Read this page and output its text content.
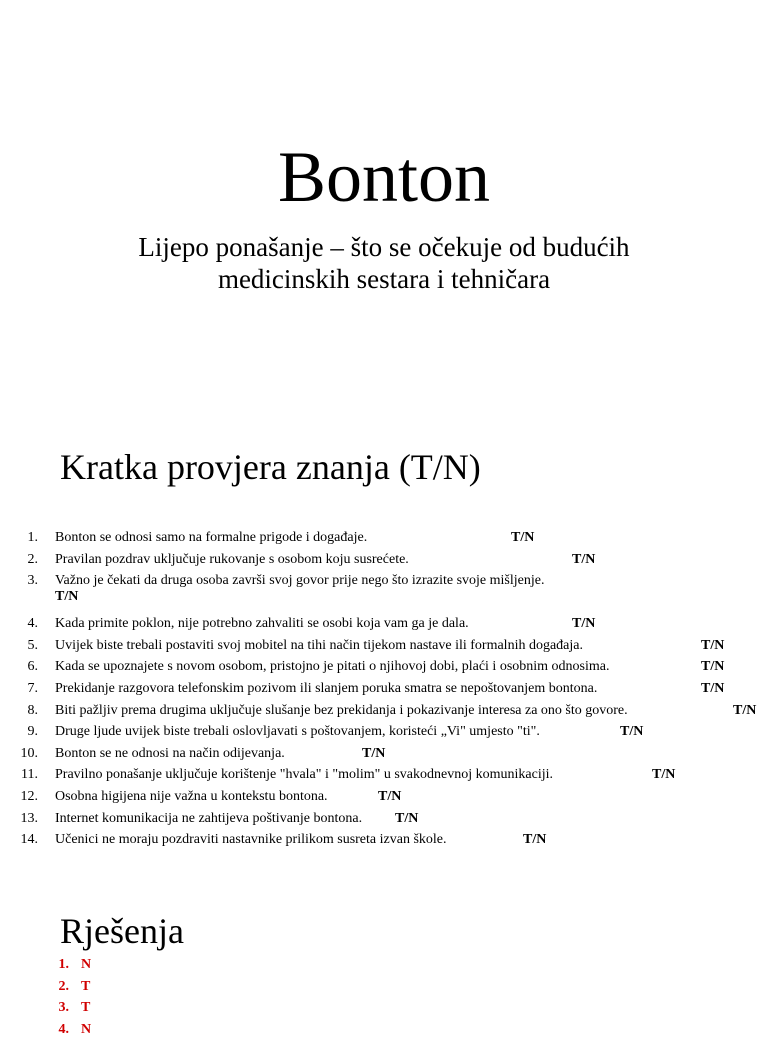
Bonton
Lijepo ponašanje – što se očekuje od budućih
medicinskih sestara i tehničara
Kratka provjera znanja (T/N)
1. Bonton se odnosi samo na formalne prigode i događaje.	T/N
2. Pravilan pozdrav uključuje rukovanje s osobom koju susrećete.	T/N
3. Važno je čekati da druga osoba završi svoj govor prije nego što izrazite svoje mišljenje.
T/N
4. Kada primite poklon, nije potrebno zahvaliti se osobi koja vam ga je dala.	T/N
5. Uvijek biste trebali postaviti svoj mobitel na tihi način tijekom nastave ili formalnih događaja.	T/N
6. Kada se upoznajete s novom osobom, pristojno je pitati o njihovoj dobi, plaći i osobnim odnosima.	T/N
7. Prekidanje razgovora telefonskim pozivom ili slanjem poruka smatra se nepoštovanjem bontona.	T/N
8. Biti pažljiv prema drugima uključuje slušanje bez prekidanja i pokazivanje interesa za ono što govore.	T/N
9. Druge ljude uvijek biste trebali oslovljavati s poštovanjem, koristeći „Vi" umjesto "ti".	T/N
10. Bonton se ne odnosi na način odijevanja.	T/N
11. Pravilno ponašanje uključuje korištenje "hvala" i "molim" u svakodnevnoj komunikaciji.	T/N
12. Osobna higijena nije važna u kontekstu bontona.	T/N
13. Internet komunikacija ne zahtijeva poštivanje bontona. T/N
14. Učenici ne moraju pozdraviti nastavnike prilikom susreta izvan škole.	T/N
Rješenja
1. N
2. T
3. T
4. N
